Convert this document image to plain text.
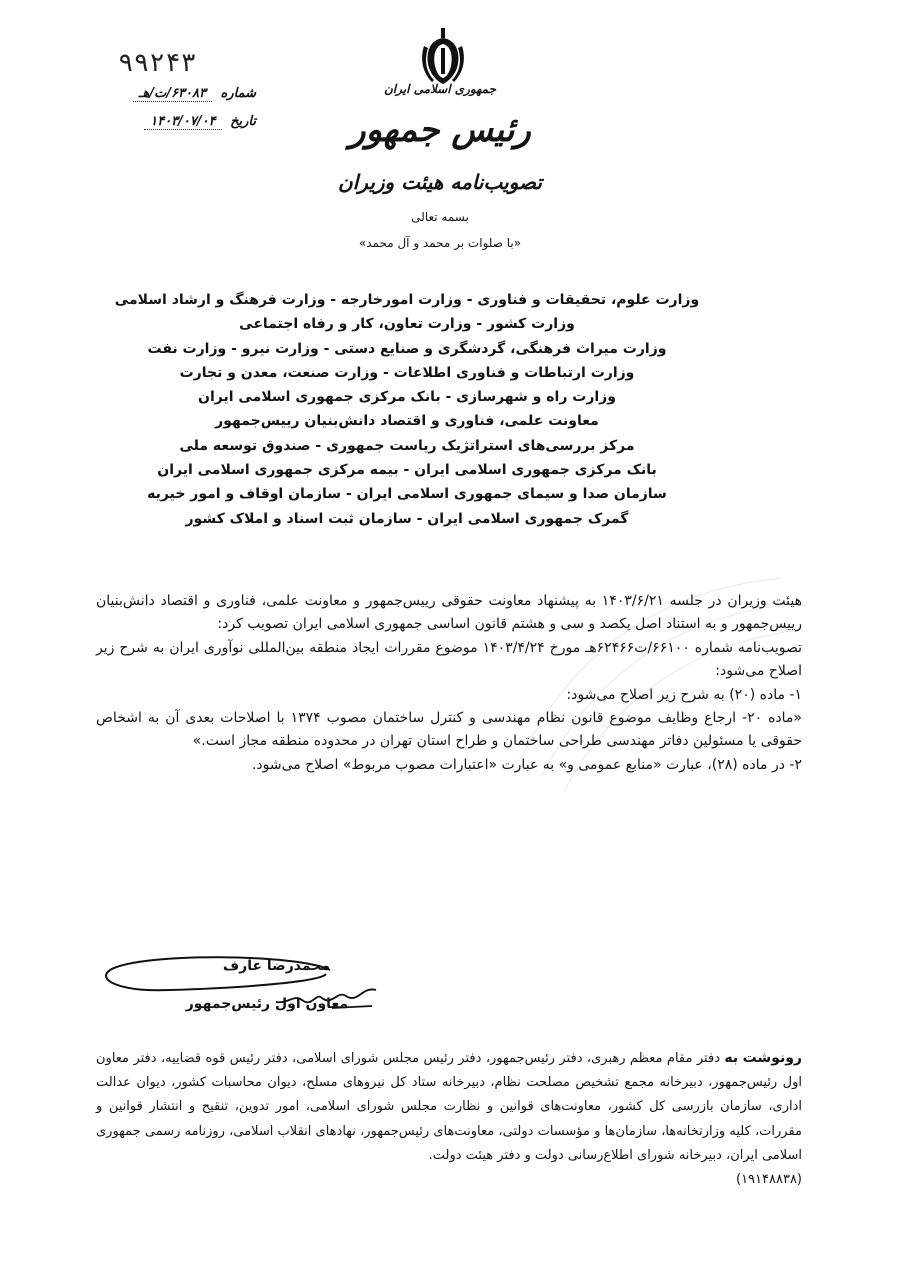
۹۹۲۴۳
شماره ۶۳۰۸۳/ت/هـ
تاریخ ۱۴۰۳/۰۷/۰۴
جمهوری اسلامی ایران
رئیس جمهور
تصویب‌نامه هیئت وزیران
بسمه تعالی
«با صلوات بر محمد و آل محمد»
وزارت علوم، تحقیقات و فناوری - وزارت امورخارجه - وزارت فرهنگ و ارشاد اسلامی
وزارت کشور - وزارت تعاون، کار و رفاه اجتماعی
وزارت میراث فرهنگی، گردشگری و صنایع دستی - وزارت نیرو - وزارت نفت
وزارت ارتباطات و فناوری اطلاعات - وزارت صنعت، معدن و تجارت
وزارت راه و شهرسازی - بانک مرکزی جمهوری اسلامی ایران
معاونت علمی، فناوری و اقتصاد دانش‌بنیان رییس‌جمهور
مرکز بررسی‌های استراتژیک ریاست جمهوری - صندوق توسعه ملی
بانک مرکزی جمهوری اسلامی ایران - بیمه مرکزی جمهوری اسلامی ایران
سازمان صدا و سیمای جمهوری اسلامی ایران - سازمان اوقاف و امور خیریه
گمرک جمهوری اسلامی ایران - سازمان ثبت اسناد و املاک کشور

هیئت وزیران در جلسه ۱۴۰۳/۶/۲۱ به پیشنهاد معاونت حقوقی رییس‌جمهور و معاونت علمی، فناوری و اقتصاد دانش‌بنیان رییس‌جمهور و به استناد اصل یکصد و سی و هشتم قانون اساسی جمهوری اسلامی ایران تصویب کرد:

تصویب‌نامه شماره ۶۶۱۰۰/ت۶۲۴۶۶هـ مورخ ۱۴۰۳/۴/۲۴ موضوع مقررات ایجاد منطقه بین‌المللی نوآوری ایران به شرح زیر اصلاح می‌شود:

۱- ماده (۲۰) به شرح زیر اصلاح می‌شود:

«ماده ۲۰- ارجاع وظایف موضوع قانون نظام مهندسی و کنترل ساختمان مصوب ۱۳۷۴ با اصلاحات بعدی آن به اشخاص حقوقی یا مسئولین دفاتر مهندسی طراحی ساختمان و طراح استان تهران در محدوده منطقه مجاز است.»

۲- در ماده (۲۸)، عبارت «منابع عمومی و» به عبارت «اعتبارات مصوب مربوط» اصلاح می‌شود.

محمدرضا عارف
معاون اول رئیس‌جمهور
رونوشت به دفتر مقام معظم رهبری، دفتر رئیس‌جمهور، دفتر رئیس مجلس شورای اسلامی، دفتر رئیس قوه قضاییه، دفتر معاون اول رئیس‌جمهور، دبیرخانه مجمع تشخیص مصلحت نظام، دبیرخانه ستاد کل نیروهای مسلح، دیوان محاسبات کشور، دیوان عدالت اداری، سازمان بازرسی کل کشور، معاونت‌های قوانین و نظارت مجلس شورای اسلامی، امور تدوین، تنقیح و انتشار قوانین و مقررات، کلیه وزارتخانه‌ها، سازمان‌ها و مؤسسات دولتی، معاونت‌های رئیس‌جمهور، نهادهای انقلاب اسلامی، روزنامه رسمی جمهوری اسلامی ایران، دبیرخانه شورای اطلاع‌رسانی دولت و دفتر هیئت دولت.
(۱۹۱۴۸۸۳۸)
